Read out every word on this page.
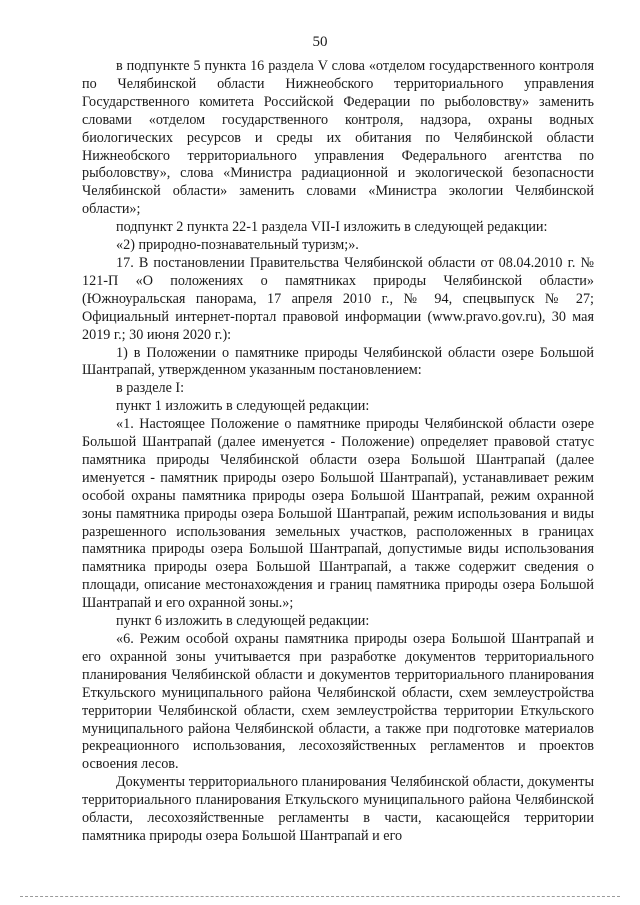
50

в подпункте 5 пункта 16 раздела V слова «отделом государственного контроля по Челябинской области Нижнеобского территориального управления Государственного комитета Российской Федерации по рыболовству» заменить словами «отделом государственного контроля, надзора, охраны водных биологических ресурсов и среды их обитания по Челябинской области Нижнеобского территориального управления Федерального агентства по рыболовству», слова «Министра радиационной и экологической безопасности Челябинской области» заменить словами «Министра экологии Челябинской области»;

подпункт 2 пункта 22-1 раздела VII-I изложить в следующей редакции:

«2) природно-познавательный туризм;».

17. В постановлении Правительства Челябинской области от 08.04.2010 г. № 121-П «О положениях о памятниках природы Челябинской области» (Южноуральская панорама, 17 апреля 2010 г., № 94, спецвыпуск № 27; Официальный интернет-портал правовой информации (www.pravo.gov.ru), 30 мая 2019 г.; 30 июня 2020 г.):

1) в Положении о памятнике природы Челябинской области озере Большой Шантрапай, утвержденном указанным постановлением:

в разделе I:

пункт 1 изложить в следующей редакции:

«1. Настоящее Положение о памятнике природы Челябинской области озере Большой Шантрапай (далее именуется - Положение) определяет правовой статус памятника природы Челябинской области озера Большой Шантрапай (далее именуется - памятник природы озеро Большой Шантрапай), устанавливает режим особой охраны памятника природы озера Большой Шантрапай, режим охранной зоны памятника природы озера Большой Шантрапай, режим использования и виды разрешенного использования земельных участков, расположенных в границах памятника природы озера Большой Шантрапай, допустимые виды использования памятника природы озера Большой Шантрапай, а также содержит сведения о площади, описание местонахождения и границ памятника природы озера Большой Шантрапай и его охранной зоны.»;

пункт 6 изложить в следующей редакции:

«6. Режим особой охраны памятника природы озера Большой Шантрапай и его охранной зоны учитывается при разработке документов территориального планирования Челябинской области и документов территориального планирования Еткульского муниципального района Челябинской области, схем землеустройства территории Челябинской области, схем землеустройства территории Еткульского муниципального района Челябинской области, а также при подготовке материалов рекреационного использования, лесохозяйственных регламентов и проектов освоения лесов.

Документы территориального планирования Челябинской области, документы территориального планирования Еткульского муниципального района Челябинской области, лесохозяйственные регламенты в части, касающейся территории памятника природы озера Большой Шантрапай и его
